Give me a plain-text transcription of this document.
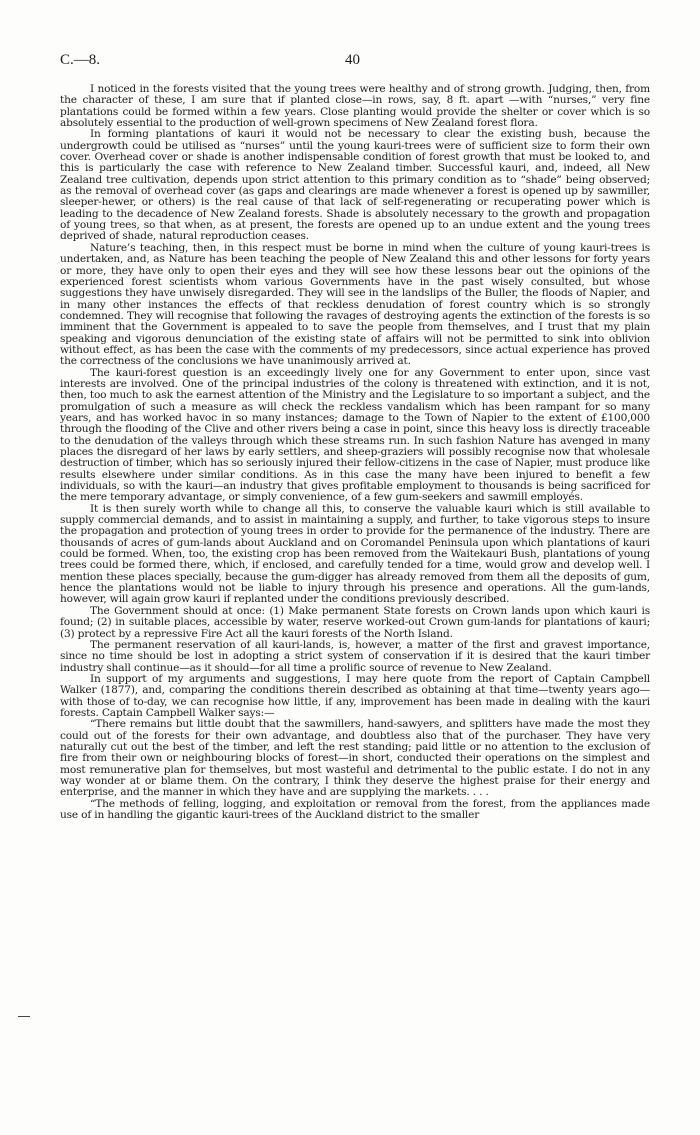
C.—8.	40

I noticed in the forests visited that the young trees were healthy and of strong growth. Judging, then, from the character of these, I am sure that if planted close—in rows, say, 8 ft. apart —with “nurses,” very fine plantations could be formed within a few years. Close planting would provide the shelter or cover which is so absolutely essential to the production of well-grown specimens of New Zealand forest flora.

In forming plantations of kauri it would not be necessary to clear the existing bush, because the undergrowth could be utilised as “nurses” until the young kauri-trees were of sufficient size to form their own cover. Overhead cover or shade is another indispensable condition of forest growth that must be looked to, and this is particularly the case with reference to New Zealand timber. Successful kauri, and, indeed, all New Zealand tree cultivation, depends upon strict attention to this primary condition as to “shade” being observed; as the removal of overhead cover (as gaps and clearings are made whenever a forest is opened up by sawmiller, sleeper-hewer, or others) is the real cause of that lack of self-regenerating or recuperating power which is leading to the decadence of New Zealand forests. Shade is absolutely necessary to the growth and propagation of young trees, so that when, as at present, the forests are opened up to an undue extent and the young trees deprived of shade, natural reproduction ceases.

Nature’s teaching, then, in this respect must be borne in mind when the culture of young kauri-trees is undertaken, and, as Nature has been teaching the people of New Zealand this and other lessons for forty years or more, they have only to open their eyes and they will see how these lessons bear out the opinions of the experienced forest scientists whom various Governments have in the past wisely consulted, but whose suggestions they have unwisely disregarded. They will see in the landslips of the Buller, the floods of Napier, and in many other instances the effects of that reckless denudation of forest country which is so strongly condemned. They will recognise that following the ravages of destroying agents the extinction of the forests is so imminent that the Government is appealed to to save the people from themselves, and I trust that my plain speaking and vigorous denunciation of the existing state of affairs will not be permitted to sink into oblivion without effect, as has been the case with the comments of my predecessors, since actual experience has proved the correctness of the conclusions we have unanimously arrived at.

The kauri-forest question is an exceedingly lively one for any Government to enter upon, since vast interests are involved. One of the principal industries of the colony is threatened with extinction, and it is not, then, too much to ask the earnest attention of the Ministry and the Legislature to so important a subject, and the promulgation of such a measure as will check the reckless vandalism which has been rampant for so many years, and has worked havoc in so many instances; damage to the Town of Napier to the extent of £100,000 through the flooding of the Clive and other rivers being a case in point, since this heavy loss is directly traceable to the denudation of the valleys through which these streams run. In such fashion Nature has avenged in many places the disregard of her laws by early settlers, and sheep-graziers will possibly recognise now that wholesale destruction of timber, which has so seriously injured their fellow-citizens in the case of Napier, must produce like results elsewhere under similar conditions. As in this case the many have been injured to benefit a few individuals, so with the kauri—an industry that gives profitable employment to thousands is being sacrificed for the mere temporary advantage, or simply convenience, of a few gum-seekers and sawmill employés.

It is then surely worth while to change all this, to conserve the valuable kauri which is still available to supply commercial demands, and to assist in maintaining a supply, and further, to take vigorous steps to insure the propagation and protection of young trees in order to provide for the permanence of the industry. There are thousands of acres of gum-lands about Auckland and on Coromandel Peninsula upon which plantations of kauri could be formed. When, too, the existing crop has been removed from the Waitekauri Bush, plantations of young trees could be formed there, which, if enclosed, and carefully tended for a time, would grow and develop well. I mention these places specially, because the gum-digger has already removed from them all the deposits of gum, hence the plantations would not be liable to injury through his presence and operations. All the gum-lands, however, will again grow kauri if replanted under the conditions previously described.

The Government should at once: (1) Make permanent State forests on Crown lands upon which kauri is found; (2) in suitable places, accessible by water, reserve worked-out Crown gum-lands for plantations of kauri; (3) protect by a repressive Fire Act all the kauri forests of the North Island.

The permanent reservation of all kauri-lands, is, however, a matter of the first and gravest importance, since no time should be lost in adopting a strict system of conservation if it is desired that the kauri timber industry shall continue—as it should—for all time a prolific source of revenue to New Zealand.

In support of my arguments and suggestions, I may here quote from the report of Captain Campbell Walker (1877), and, comparing the conditions therein described as obtaining at that time—twenty years ago—with those of to-day, we can recognise how little, if any, improvement has been made in dealing with the kauri forests. Captain Campbell Walker says:—

“There remains but little doubt that the sawmillers, hand-sawyers, and splitters have made the most they could out of the forests for their own advantage, and doubtless also that of the purchaser. They have very naturally cut out the best of the timber, and left the rest standing; paid little or no attention to the exclusion of fire from their own or neighbouring blocks of forest—in short, conducted their operations on the simplest and most remunerative plan for themselves, but most wasteful and detrimental to the public estate. I do not in any way wonder at or blame them. On the contrary, I think they deserve the highest praise for their energy and enterprise, and the manner in which they have and are supplying the markets. . . .

“The methods of felling, logging, and exploitation or removal from the forest, from the appliances made use of in handling the gigantic kauri-trees of the Auckland district to the smaller
